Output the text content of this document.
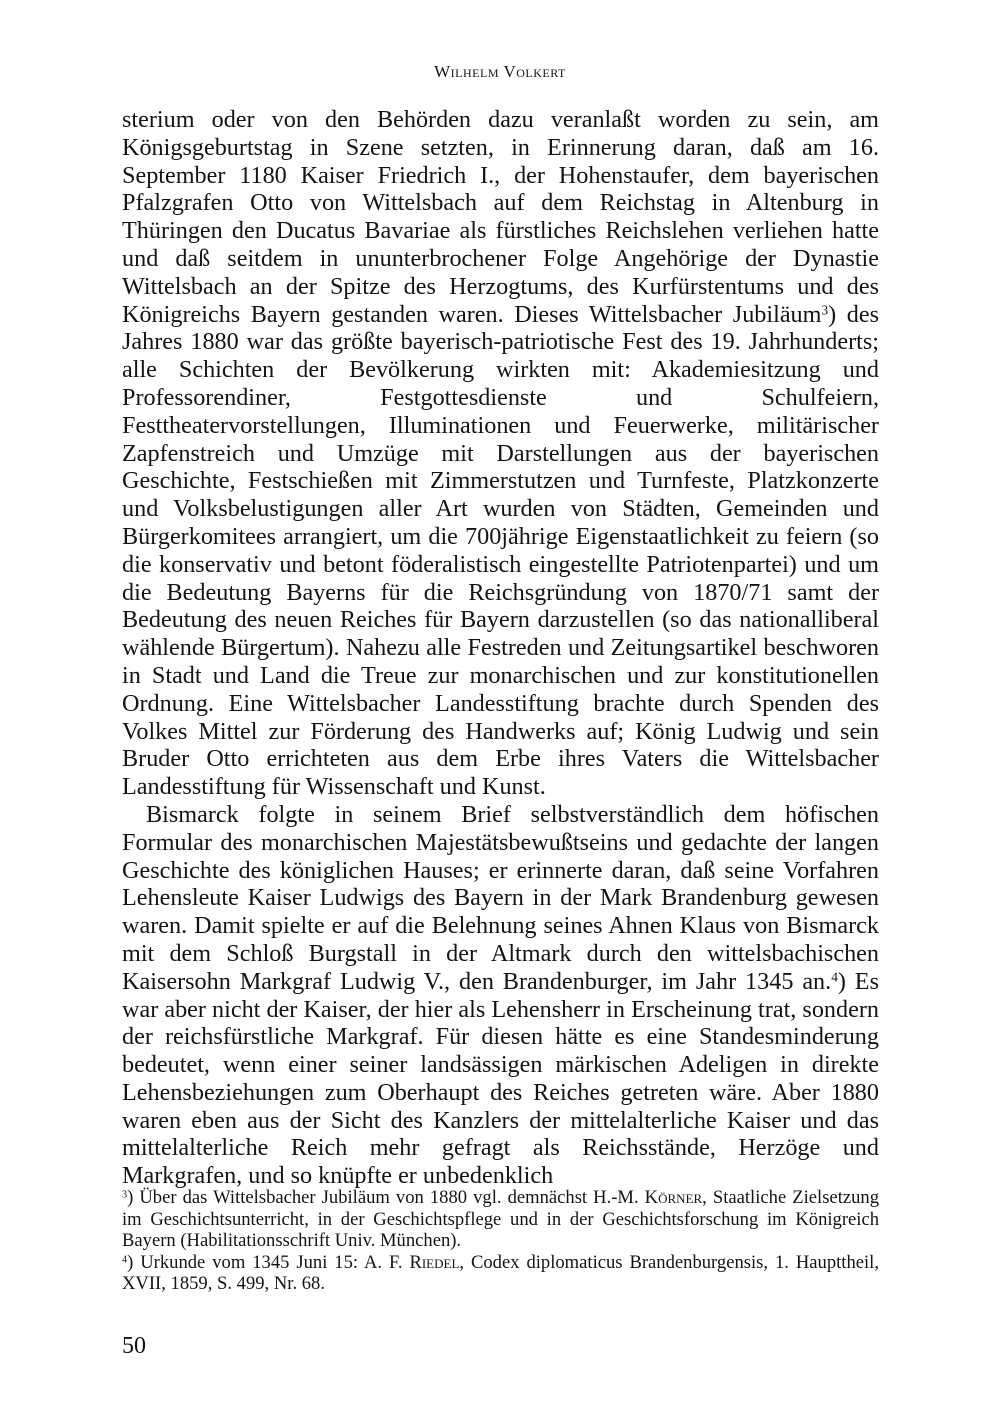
Wilhelm Volkert

sterium oder von den Behörden dazu veranlaßt worden zu sein, am Königsgeburtstag in Szene setzten, in Erinnerung daran, daß am 16. September 1180 Kaiser Friedrich I., der Hohenstaufer, dem bayerischen Pfalzgrafen Otto von Wittelsbach auf dem Reichstag in Altenburg in Thüringen den Ducatus Bavariae als fürstliches Reichslehen verliehen hatte und daß seitdem in ununterbrochener Folge Angehörige der Dynastie Wittelsbach an der Spitze des Herzogtums, des Kurfürstentums und des Königreichs Bayern gestanden waren. Dieses Wittelsbacher Jubiläum$^3$) des Jahres 1880 war das größte bayerisch-patriotische Fest des 19. Jahrhunderts; alle Schichten der Bevölkerung wirkten mit: Akademiesitzung und Professorendiner, Festgottesdienste und Schulfeiern, Festtheatervorstellungen, Illuminationen und Feuerwerke, militärischer Zapfenstreich und Umzüge mit Darstellungen aus der bayerischen Geschichte, Festschießen mit Zimmerstutzen und Turnfeste, Platzkonzerte und Volksbelustigungen aller Art wurden von Städten, Gemeinden und Bürgerkomitees arrangiert, um die 700jährige Eigenstaatlichkeit zu feiern (so die konservativ und betont föderalistisch eingestellte Patriotenpartei) und um die Bedeutung Bayerns für die Reichsgründung von 1870/71 samt der Bedeutung des neuen Reiches für Bayern darzustellen (so das nationalliberal wählende Bürgertum). Nahezu alle Festreden und Zeitungsartikel beschworen in Stadt und Land die Treue zur monarchischen und zur konstitutionellen Ordnung. Eine Wittelsbacher Landesstiftung brachte durch Spenden des Volkes Mittel zur Förderung des Handwerks auf; König Ludwig und sein Bruder Otto errichteten aus dem Erbe ihres Vaters die Wittelsbacher Landesstiftung für Wissenschaft und Kunst.

Bismarck folgte in seinem Brief selbstverständlich dem höfischen Formular des monarchischen Majestätsbewußtseins und gedachte der langen Geschichte des königlichen Hauses; er erinnerte daran, daß seine Vorfahren Lehensleute Kaiser Ludwigs des Bayern in der Mark Brandenburg gewesen waren. Damit spielte er auf die Belehnung seines Ahnen Klaus von Bismarck mit dem Schloß Burgstall in der Altmark durch den wittelsbachischen Kaisersohn Markgraf Ludwig V., den Brandenburger, im Jahr 1345 an.$^4$) Es war aber nicht der Kaiser, der hier als Lehensherr in Erscheinung trat, sondern der reichsfürstliche Markgraf. Für diesen hätte es eine Standesminderung bedeutet, wenn einer seiner landsässigen märkischen Adeligen in direkte Lehensbeziehungen zum Oberhaupt des Reiches getreten wäre. Aber 1880 waren eben aus der Sicht des Kanzlers der mittelalterliche Kaiser und das mittelalterliche Reich mehr gefragt als Reichsstände, Herzöge und Markgrafen, und so knüpfte er unbedenklich

$^3$) Über das Wittelsbacher Jubiläum von 1880 vgl. demnächst H.-M. Körner, Staatliche Zielsetzung im Geschichtsunterricht, in der Geschichtspflege und in der Geschichtsforschung im Königreich Bayern (Habilitationsschrift Univ. München).

$^4$) Urkunde vom 1345 Juni 15: A. F. Riedel, Codex diplomaticus Brandenburgensis, 1. Haupttheil, XVII, 1859, S. 499, Nr. 68.

50
